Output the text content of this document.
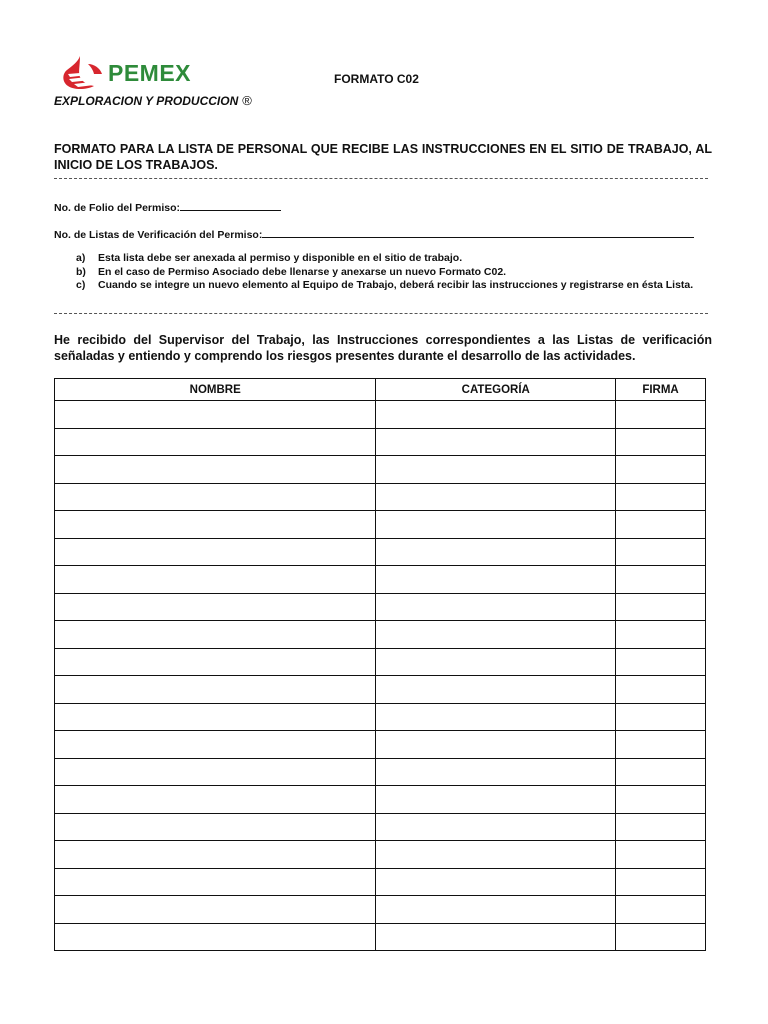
PEMEX
EXPLORACION Y PRODUCCION ®
FORMATO C02
FORMATO PARA LA LISTA DE PERSONAL QUE RECIBE LAS INSTRUCCIONES EN EL SITIO DE TRABAJO, AL INICIO DE LOS TRABAJOS.
No. de Folio del Permiso:
No. de Listas de Verificación del Permiso:
a)	Esta lista debe ser anexada al permiso y disponible en el sitio de trabajo.
b)	En el caso de Permiso Asociado debe llenarse y anexarse un nuevo Formato C02.
c)	Cuando se integre un nuevo elemento al Equipo de Trabajo, deberá recibir las instrucciones y registrarse en ésta Lista.
He recibido del Supervisor del Trabajo, las Instrucciones correspondientes a las Listas de verificación señaladas y entiendo y comprendo los riesgos presentes durante el desarrollo de las actividades.
NOMBRE	CATEGORÍA	FIRMA
